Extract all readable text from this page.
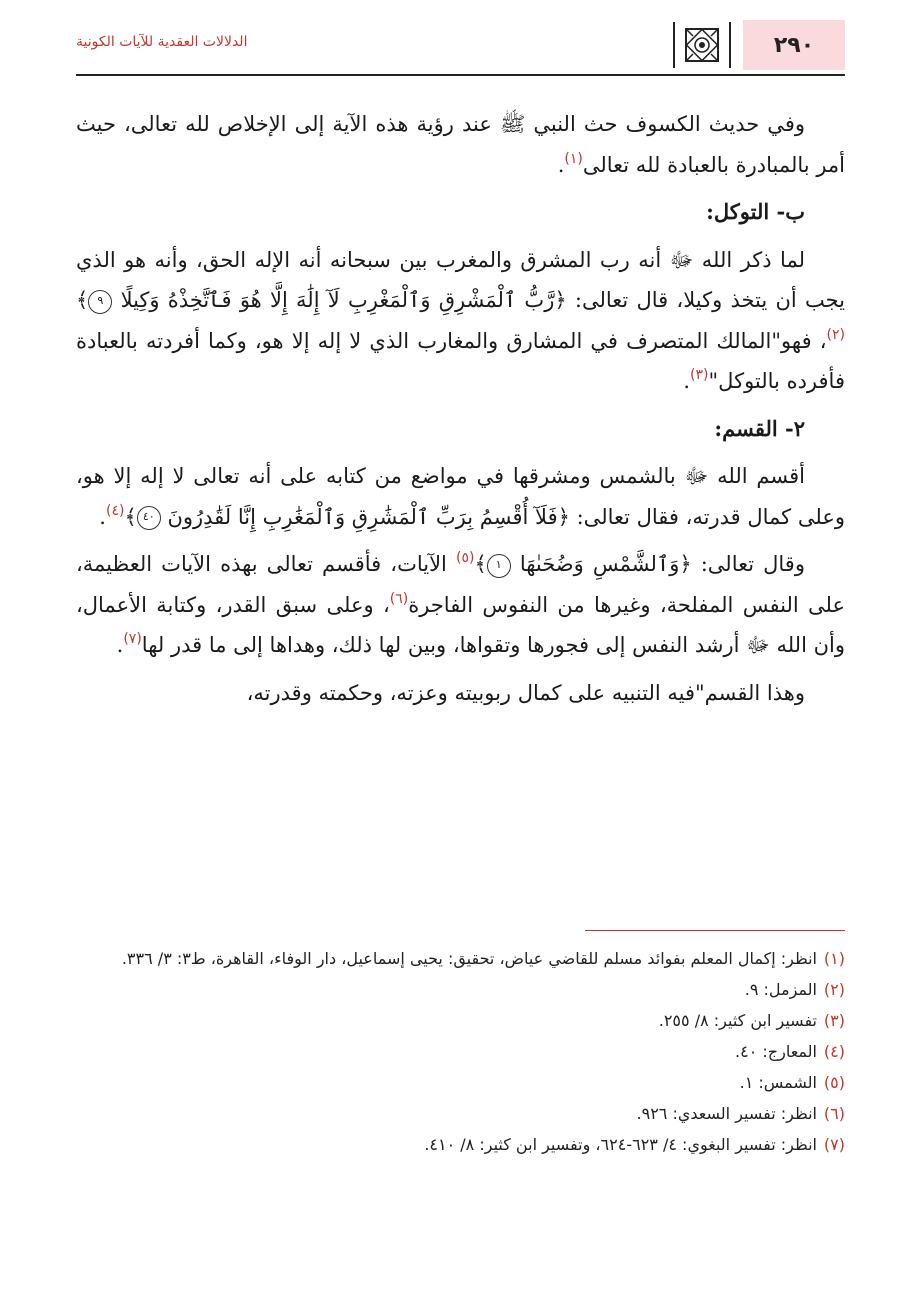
٢٩٠
الدلالات العقدية للآيات الكونية

وفي حديث الكسوف حث النبي ﷺ عند رؤية هذه الآية إلى الإخلاص لله تعالى، حيث أمر بالمبادرة بالعبادة لله تعالى$^{(١)}$.

ب- التوكل:

لما ذكر الله ﷻ أنه رب المشرق والمغرب بين سبحانه أنه الإله الحق، وأنه هو الذي يجب أن يتخذ وكيلا، قال تعالى: ﴿رَّبُّ ٱلْمَشْرِقِ وَٱلْمَغْرِبِ لَآ إِلَٰهَ إِلَّا هُوَ فَٱتَّخِذْهُ وَكِيلًا ٩﴾$^{(٢)}$، فهو"المالك المتصرف في المشارق والمغارب الذي لا إله إلا هو، وكما أفردته بالعبادة فأفرده بالتوكل"$^{(٣)}$.

٢- القسم:

أقسم الله ﷻ بالشمس ومشرقها في مواضع من كتابه على أنه تعالى لا إله إلا هو، وعلى كمال قدرته، فقال تعالى: ﴿فَلَآ أُقْسِمُ بِرَبِّ ٱلْمَشَٰرِقِ وَٱلْمَغَٰرِبِ إِنَّا لَقَٰدِرُونَ ٤٠﴾$^{(٤)}$.

وقال تعالى: ﴿وَٱلشَّمْسِ وَضُحَىٰهَا ١﴾$^{(٥)}$ الآيات، فأقسم تعالى بهذه الآيات العظيمة، على النفس المفلحة، وغيرها من النفوس الفاجرة$^{(٦)}$، وعلى سبق القدر، وكتابة الأعمال، وأن الله ﷻ أرشد النفس إلى فجورها وتقواها، وبين لها ذلك، وهداها إلى ما قدر لها$^{(٧)}$.

وهذا القسم"فيه التنبيه على كمال ربوبيته وعزته، وحكمته وقدرته،

(١)
انظر: إكمال المعلم بفوائد مسلم للقاضي عياض، تحقيق: يحيى إسماعيل، دار الوفاء، القاهرة، ط٣: ٣/ ٣٣٦.
(٢)
المزمل: ٩.
(٣)
تفسير ابن كثير: ٨/ ٢٥٥.
(٤)
المعارج: ٤٠.
(٥)
الشمس: ١.
(٦)
انظر: تفسير السعدي: ٩٢٦.
(٧)
انظر: تفسير البغوي: ٤/ ٦٢٣-٦٢٤، وتفسير ابن كثير: ٨/ ٤١٠.
